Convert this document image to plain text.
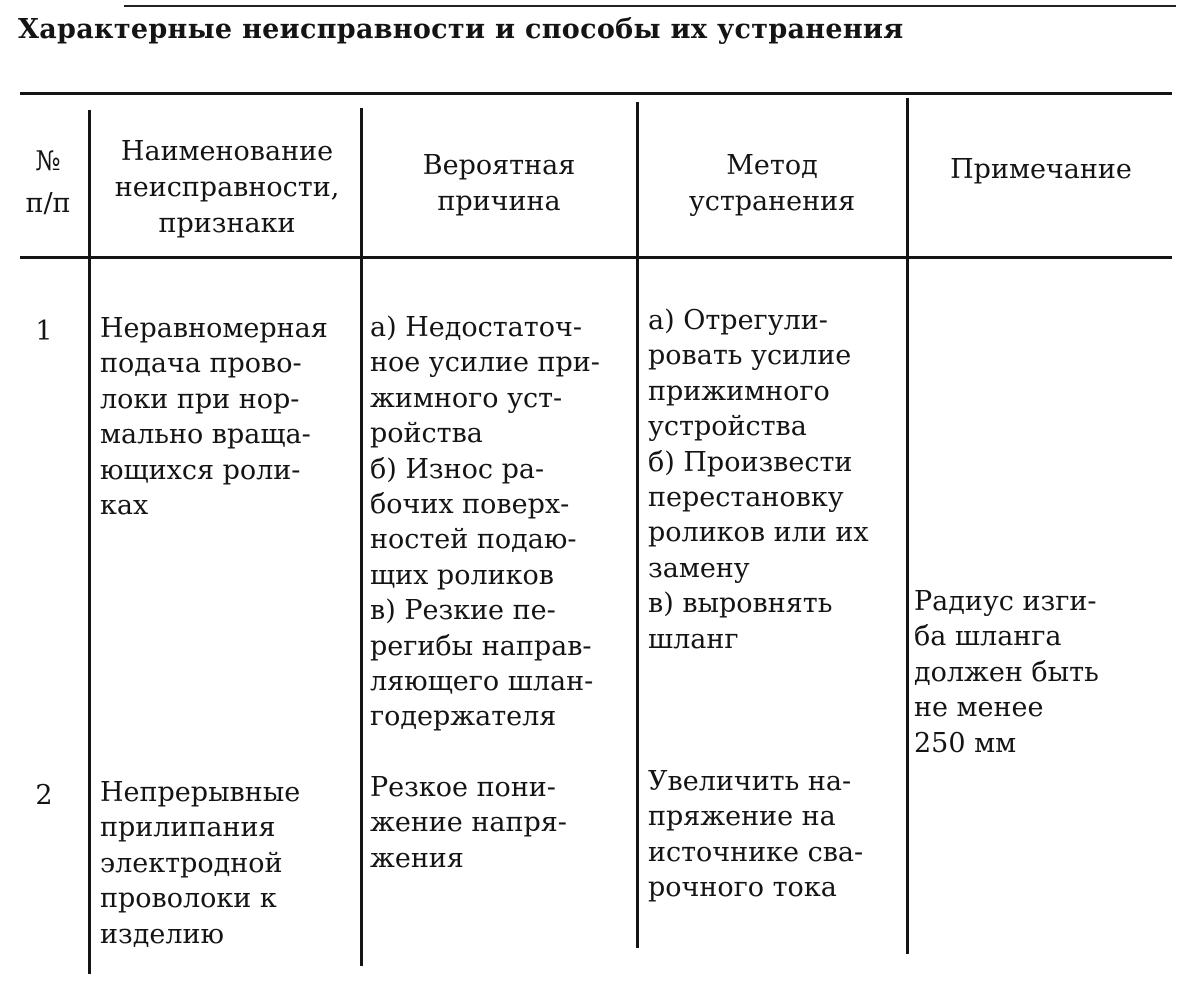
Характерные неисправности и способы их устранения
№
п/п
Наименование
неисправности,
признаки
Вероятная
причина
Метод
устранения
Примечание
1	Неравномерная
подача прово-
локи при нор-
мально враща-
ющихся роли-
ках
а) Недостаточ-
ное усилие при-
жимного уст-
ройства
б) Износ ра-
бочих поверх-
ностей подаю-
щих роликов
в) Резкие пе-
регибы направ-
ляющего шлан-
годержателя
а) Отрегули-
ровать усилие
прижимного
устройства
б) Произвести
перестановку
роликов или их
замену
в) выровнять
шланг
Радиус изги-
ба шланга
должен быть
не менее
250 мм
2	Непрерывные
прилипания
электродной
проволоки к
изделию
Резкое пони-
жение напря-
жения
Увеличить на-
пряжение на
источнике сва-
рочного тока
